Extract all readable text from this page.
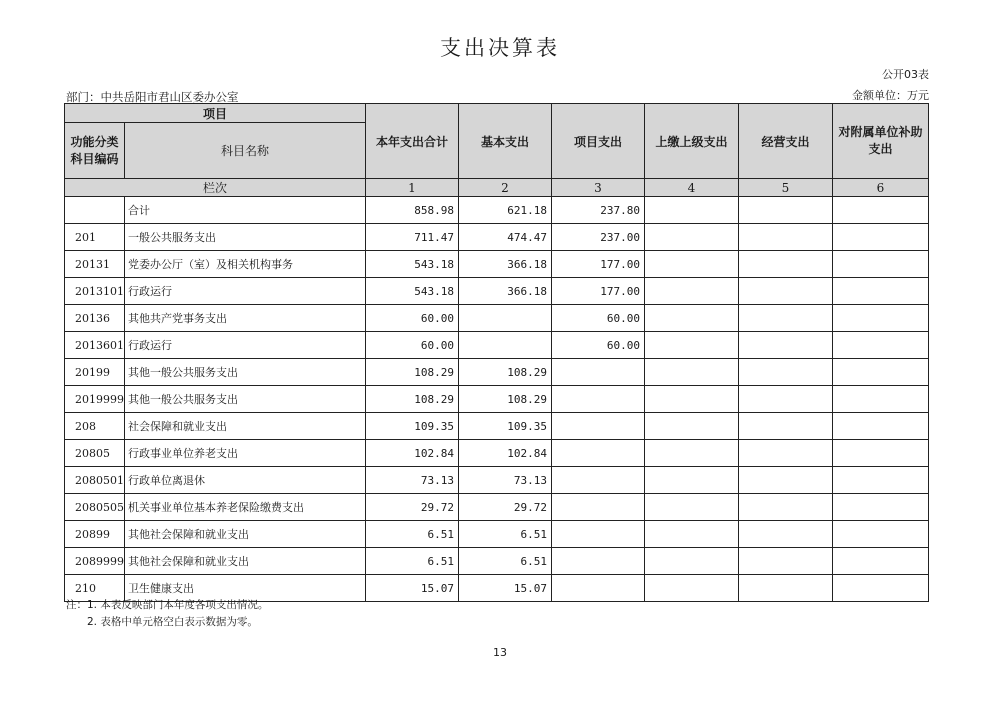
支出决算表
公开03表
部门：中共岳阳市君山区委办公室	金额单位：万元
项目		本年支出合计	基本支出	项目支出	上缴上级支出	经营支出	对附属单位补助支出
功能分类科目编码	科目名称						
栏次		1	2	3	4	5	6
	合计	858.98	621.18	237.80			
201	一般公共服务支出	711.47	474.47	237.00			
20131	党委办公厅（室）及相关机构事务	543.18	366.18	177.00			
2013101	行政运行	543.18	366.18	177.00			
20136	其他共产党事务支出	60.00		60.00			
2013601	行政运行	60.00		60.00			
20199	其他一般公共服务支出	108.29	108.29				
2019999	其他一般公共服务支出	108.29	108.29				
208	社会保障和就业支出	109.35	109.35				
20805	行政事业单位养老支出	102.84	102.84				
2080501	行政单位离退休	73.13	73.13				
2080505	机关事业单位基本养老保险缴费支出	29.72	29.72				
20899	其他社会保障和就业支出	6.51	6.51				
2089999	其他社会保障和就业支出	6.51	6.51				
210	卫生健康支出	15.07	15.07				
注：1. 本表反映部门本年度各项支出情况。
2. 表格中单元格空白表示数据为零。
13
